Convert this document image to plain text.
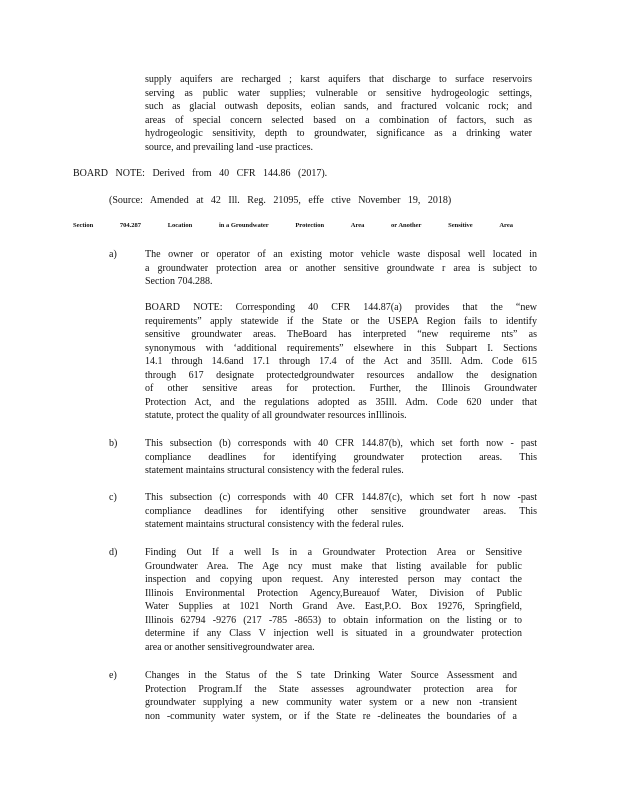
supply aquifers are recharged ; karst aquifers that discharge to surface reservoirs
serving as public water supplies; vulnerable or sensitive hydrogeologic settings,
such as glacial outwash deposits, eolian sands, and fractured volcanic rock; and
areas of special concern selected based on a combination of factors, such as
hydrogeologic sensitivity, depth to groundwater, significance as a drinking water
source, and prevailing land -use practices.
BOARD NOTE: Derived from 40 CFR 144.86 (2017).
(Source: Amended at 42 Ill. Reg. 21095, effe ctive November 19, 2018)
Section	704.287	Location	in a Groundwater	Protection	Area	or Another	Sensitive	Area
a)	The owner or operator of an existing motor vehicle waste disposal well located in
a groundwater protection area or another sensitive groundwate r area is subject to
Section 704.288.
BOARD NOTE: Corresponding 40 CFR 144.87(a) provides that the “new
requirements” apply statewide if the State or the USEPA Region fails to identify
sensitive groundwater areas. TheBoard has interpreted “new requireme nts” as
synonymous with ‘additional requirements” elsewhere in this Subpart I. Sections
14.1 through 14.6and 17.1 through 17.4 of the Act and 35Ill. Adm. Code 615
through 617 designate protectedgroundwater resources andallow the designation
of other sensitive areas for protection. Further, the Illinois Groundwater
Protection Act, and the regulations adopted as 35Ill. Adm. Code 620 under that
statute, protect the quality of all groundwater resources inIllinois.
b)	This subsection (b) corresponds with 40 CFR 144.87(b), which set forth now - past
compliance deadlines for identifying groundwater protection areas. This
statement maintains structural consistency with the federal rules.
c)	This subsection (c) corresponds with 40 CFR 144.87(c), which set fort h now -past
compliance deadlines for identifying other sensitive groundwater areas. This
statement maintains structural consistency with the federal rules.
d)	Finding Out If a well Is in a Groundwater Protection Area or Sensitive
Groundwater Area. The Age ncy must make that listing available for public
inspection and copying upon request. Any interested person may contact the
Illinois Environmental Protection Agency,Bureauof Water, Division of Public
Water Supplies at 1021 North Grand Ave. East,P.O. Box 19276, Springfield,
Illinois 62794 -9276 (217 -785 -8653) to obtain information on the listing or to
determine if any Class V injection well is situated in a groundwater protection
area or another sensitivegroundwater area.
e)	Changes in the Status of the S tate Drinking Water Source Assessment and
Protection Program.If the State assesses agroundwater protection area for
groundwater supplying a new community water system or a new non -transient
non -community water system, or if the State re -delineates the boundaries of a
